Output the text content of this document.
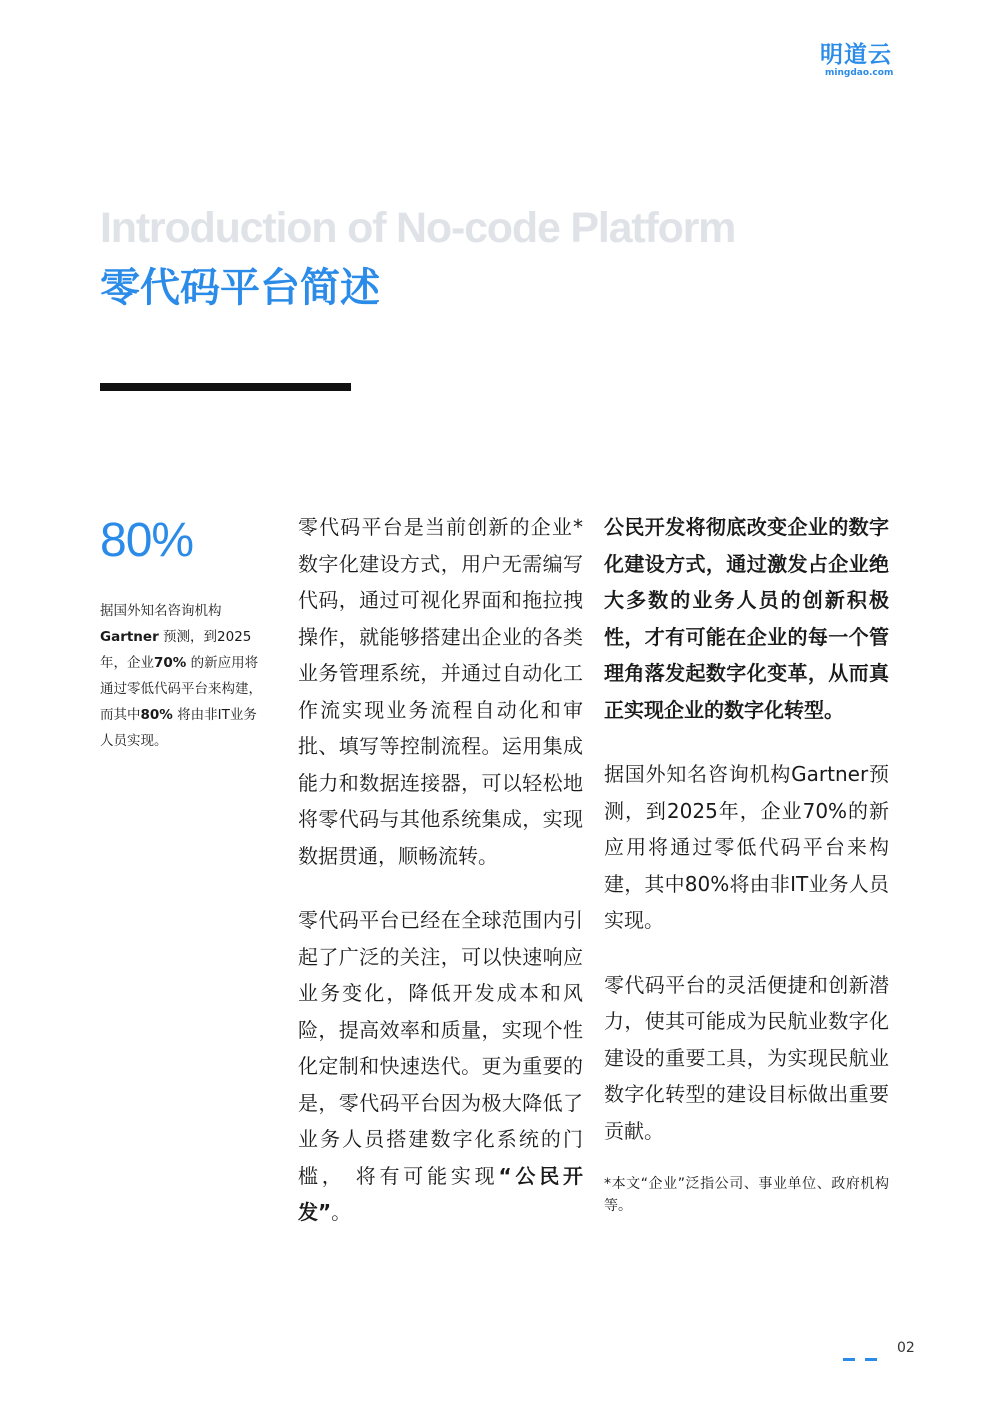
明道云
mingdao.com
Introduction of No-code Platform
零代码平台简述
80%
据国外知名咨询机构Gartner 预测，到2025年，企业70% 的新应用将通过零低代码平台来构建，而其中80% 将由非IT业务人员实现。

零代码平台是当前创新的企业*数字化建设方式，用户无需编写代码，通过可视化界面和拖拉拽操作，就能够搭建出企业的各类业务管理系统，并通过自动化工作流实现业务流程自动化和审批、填写等控制流程。运用集成能力和数据连接器，可以轻松地将零代码与其他系统集成，实现数据贯通，顺畅流转。

零代码平台已经在全球范围内引起了广泛的关注，可以快速响应业务变化，降低开发成本和风险，提高效率和质量，实现个性化定制和快速迭代。更为重要的是，零代码平台因为极大降低了业务人员搭建数字化系统的门槛， 将有可能实现“公民开发”。

公民开发将彻底改变企业的数字化建设方式，通过激发占企业绝大多数的业务人员的创新积极性，才有可能在企业的每一个管理角落发起数字化变革，从而真正实现企业的数字化转型。

据国外知名咨询机构Gartner预测，到2025年，企业70%的新应用将通过零低代码平台来构建，其中80%将由非IT业务人员实现。

零代码平台的灵活便捷和创新潜力，使其可能成为民航业数字化建设的重要工具，为实现民航业数字化转型的建设目标做出重要贡献。

*本文“企业”泛指公司、事业单位、政府机构等。
02
